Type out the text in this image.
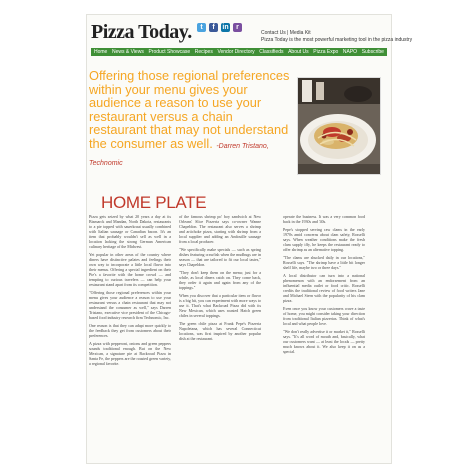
Pizza Today.	t	f	in	r
Contact Us | Media Kit
Pizza Today is the most powerful marketing tool in the pizza industry
Home News & Views Product Showcase Recipes Vendor Directory Classifieds About Us Pizza Expo NAPO Subscribe
Offering those regional preferences within your menu gives your audience a reason to use your restaurant versus a chain restaurant that may not understand the consumer as well. -Darren Tristano, Technomic
HOME PLATE

Pizza gets seized by what 20 years a day at its Bismarck and Mandan, North Dakota, restaurants to a pie topped with sauerkraut usually combined with Italian sausage or Canadian bacon. It's an item that probably wouldn't sell as well in a location lacking the strong German American culinary heritage of the Midwest.

Yet popular in other areas of the country where diners have distinctive palates and feelings their own way to incorporate a little local flavor into their menus. Offering a special ingredient on their Pie's a favorite with the home crowd — and tempting to curious travelers — can help your restaurant stand apart from its competition.

"Offering those regional preferences within your menu gives your audience a reason to use your restaurant versus a chain restaurant that may not understand the consumer as well," says Darren Tristano, executive vice president of the Chicago-based food industry research firm Technomic, Inc.

One reason is that they can adapt more quickly to the feedback they get from customers about their preferences.

A pizza with pepperoni, onions and green peppers sounds traditional enough. But on the New Mexican, a signature pie at Backroad Pizza in Santa Fe, the peppers are the roasted green variety, a regional favorite.

of the famous shrimp po' boy sandwich at New Orleans' Slice Pizzeria says co-owner Wanne Chapeldon. The restaurant also serves a shrimp and artichoke pizza, starting with shrimp from a local supplier and adding an Andouille sausage from a local producer.

"We specifically make specials — such as spring dishes featuring crawfish when the mudbugs are in season — that are tailored to fit our local tastes," says Chapeldon.

"They don't keep them on the menu; just for a while, as local diners catch on. They come back, they order it again and again from any of the toppings."

When you discover that a particular item or flavor is a big hit, you can experiment with more ways to use it. That's what Backroad Pizza did with its New Mexican, which uses roasted Hatch green chiles in several toppings.

The green chile pizza at Frank Pepe's Pizzeria Napoletana, which has several Connecticut locations, was first inspired by another popular dish at the restaurant.

operate the business. It was a very common food back in the 1930s and '40s.

Pepe's stopped serving raw clams in the early 1970s amid concerns about clam safety, Rosselli says. When weather conditions make the fresh clam supply iffy, he keeps the restaurant ready to offer shrimp as an alternative topping.

"The clams are shucked daily in our locations," Rosselli says. "The shrimp have a little bit longer shelf life, maybe two or three days."

A local distributor can turn into a national phenomenon with an endorsement from an influential media outlet or food critic. Rosselli credits the traditional review of food writers Jane and Michael Stern with the popularity of his clam pizza.

Even once you know your customers crave a taste of home, you might consider taking your direction from traditional Italian pizzerias. Think of what's local and what people love.

"We don't really advertise it or market it," Rosselli says. "It's all word of mouth and, basically, what our customers want — at least the locals — pretty much knows about it. We also keep it on as a special.
